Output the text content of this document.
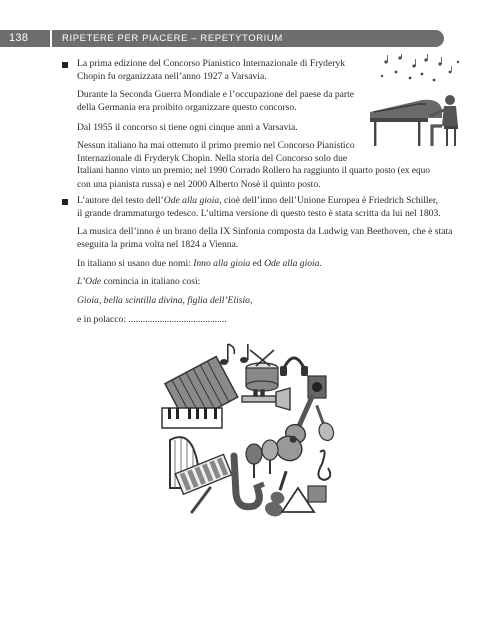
138	RIPETERE PER PIACERE – REPETYTORIUM
La prima edizione del Concorso Pianistico Internazionale di Fryderyk
Chopin fu organizzata nell’anno 1927 a Varsavia.
Durante la Seconda Guerra Mondiale e l’occupazione del paese da parte
della Germania era proibito organizzare questo concorso.
Dal 1955 il concorso si tiene ogni cinque anni a Varsavia.
Nessun italiano ha mai ottenuto il primo premio nel Concorso Pianistico
Internazionale di Fryderyk Chopin. Nella storia del Concorso solo due
Italiani hanno vinto un premio; nel 1990 Corrado Rollero ha raggiunto il quarto posto (ex equo
con una pianista russa) e nel 2000 Alberto Nosè il quinto posto.
L’autore del testo dell’Ode alla gioia, cioè dell’inno dell’Unione Europea è Friedrich Schiller,
il grande drammaturgo tedesco. L’ultima versione di questo testo è stata scritta da lui nel 1803.
La musica dell’inno è un brano della IX Sinfonia composta da Ludwig van Beethoven, che è stata
eseguita la prima volta nel 1824 a Vienna.
In italiano si usano due nomi: Inno alla gioia ed Ode alla gioia.
L’Ode comincia in italiano così:
Gioia, bella scintilla divina, figlia dell’Elisio,
e in polacco: .........................................
